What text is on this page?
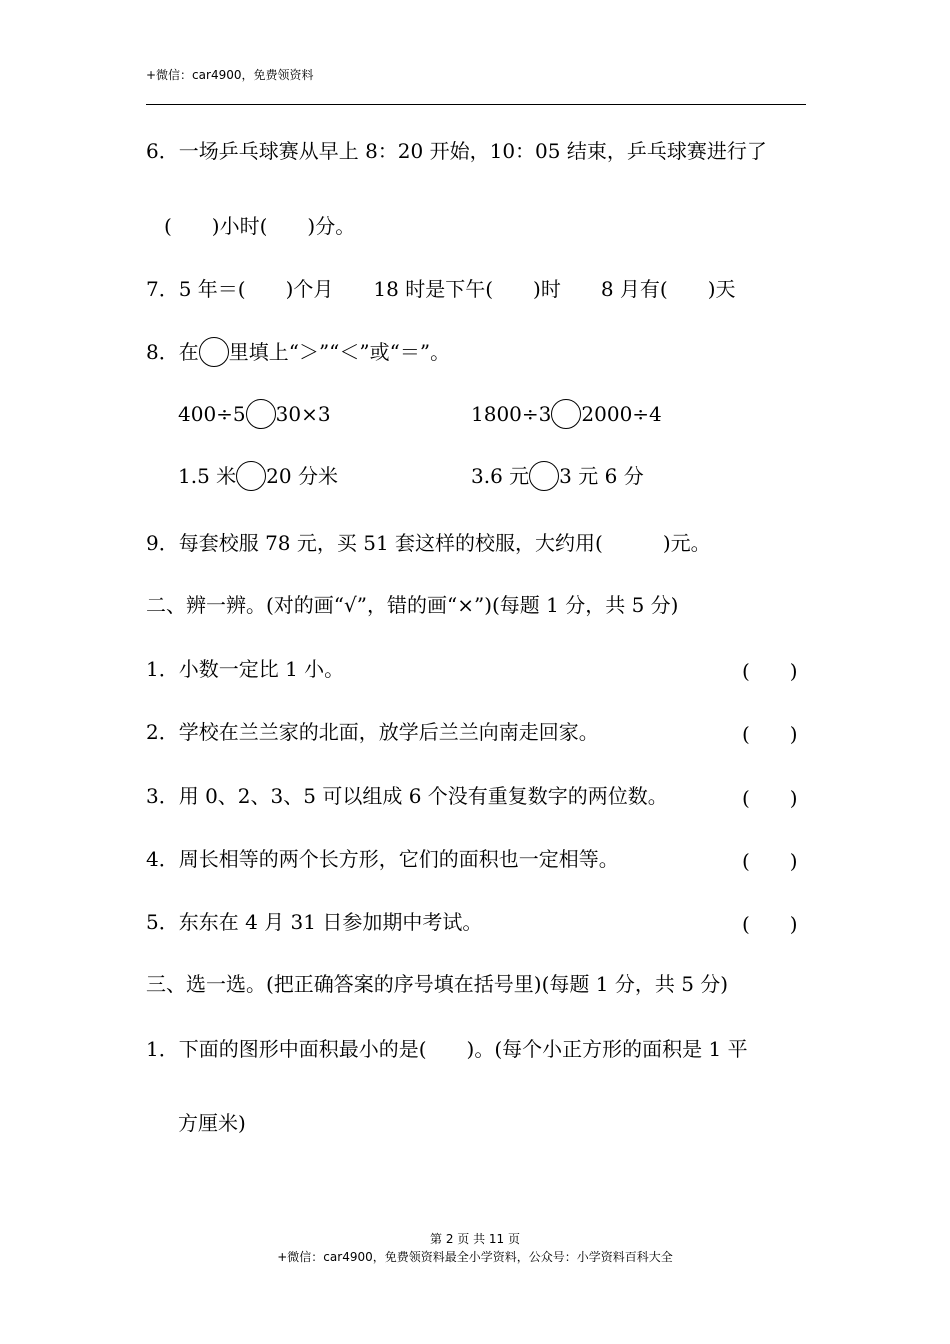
+微信：car4900，免费领资料
6．一场乒乓球赛从早上 8：20 开始，10：05 结束，乒乓球赛进行了
(　　)小时(　　)分。
7．5 年＝(　　)个月　　18 时是下午(　　)时　　8 月有(　　)天
8．在 里填上“＞”“＜”或“＝”。
400÷5 30×3	1800÷3 2000÷4
1.5 米 20 分米	3.6 元 3 元 6 分
9．每套校服 78 元，买 51 套这样的校服，大约用(　　　)元。
二、辨一辨。(对的画“√”，错的画“×”)(每题 1 分，共 5 分)
1．小数一定比 1 小。	(　　)
2．学校在兰兰家的北面，放学后兰兰向南走回家。	(　　)
3．用 0、2、3、5 可以组成 6 个没有重复数字的两位数。	(　　)
4．周长相等的两个长方形，它们的面积也一定相等。	(　　)
5．东东在 4 月 31 日参加期中考试。	(　　)
三、选一选。(把正确答案的序号填在括号里)(每题 1 分，共 5 分)
1．下面的图形中面积最小的是(　　)。(每个小正方形的面积是 1 平
方厘米)
第 2 页 共 11 页
+微信：car4900，免费领资料最全小学资料，公众号：小学资料百科大全
